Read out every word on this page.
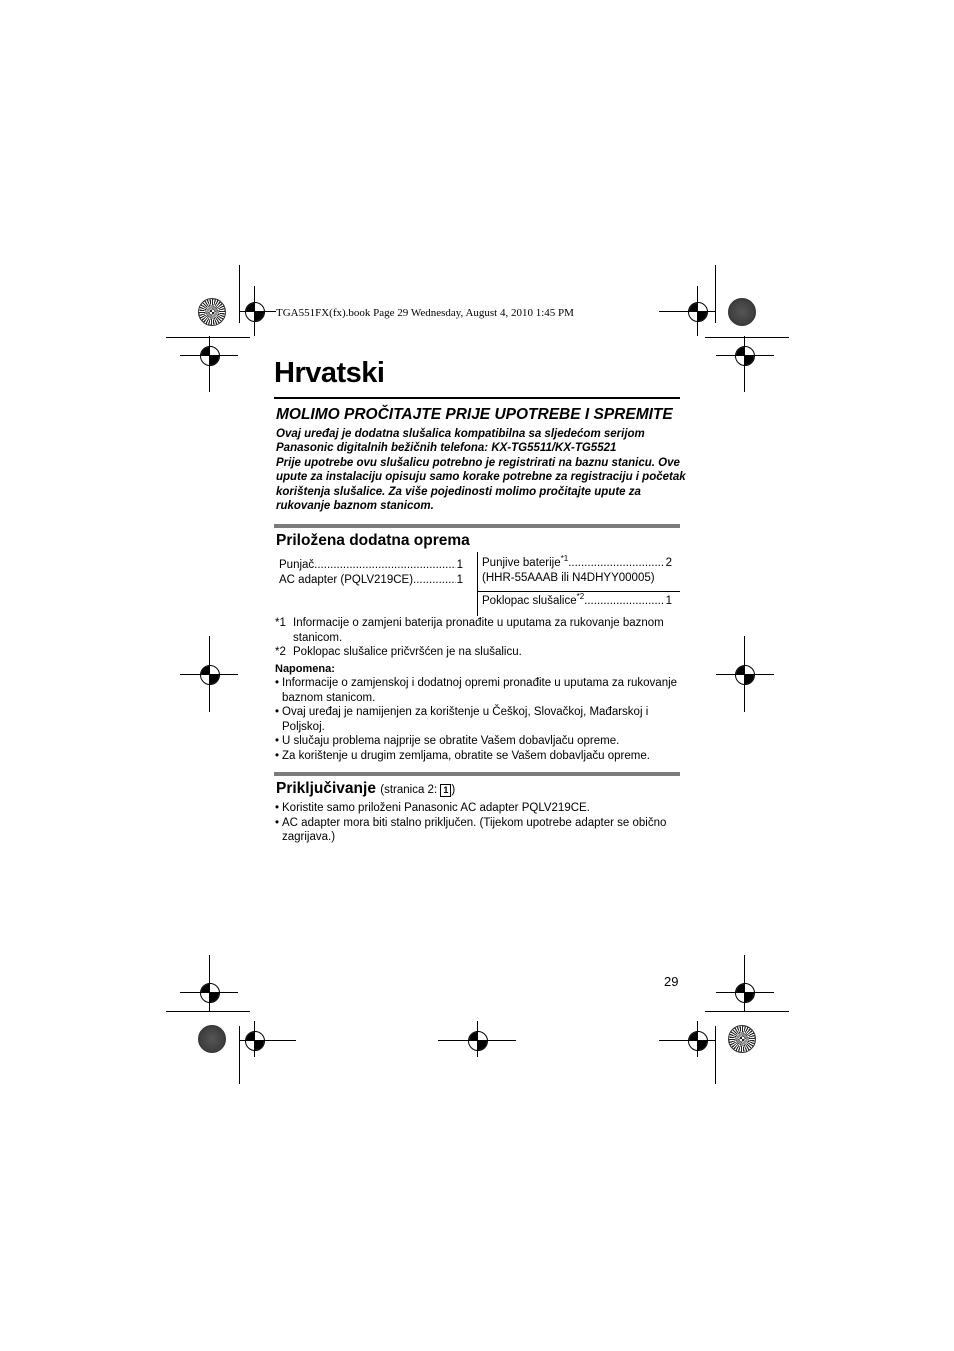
TGA551FX(fx).book Page 29 Wednesday, August 4, 2010 1:45 PM
Hrvatski
MOLIMO PROČITAJTE PRIJE UPOTREBE I SPREMITE
Ovaj uređaj je dodatna slušalica kompatibilna sa sljedećom serijom
Panasonic digitalnih bežičnih telefona: KX-TG5511/KX-TG5521
Prije upotrebe ovu slušalicu potrebno je registrirati na baznu stanicu. Ove
upute za instalaciju opisuju samo korake potrebne za registraciju i početak
korištenja slušalice. Za više pojedinosti molimo pročitajte upute za
rukovanje baznom stanicom.
Priložena dodatna oprema
Punjač .....	1
AC adapter (PQLV219CE) .....	1
Punjive baterije$^{*1}$ .....	2
(HHR-55AAAB ili N4DHYY00005)
Poklopac slušalice$^{*2}$ .....	1
*1 Informacije o zamjeni baterija pronađite u uputama za rukovanje baznom stanicom.
*2 Poklopac slušalice pričvršćen je na slušalicu.
Napomena:
• Informacije o zamjenskoj i dodatnoj opremi pronađite u uputama za rukovanje baznom stanicom.
• Ovaj uređaj je namijenjen za korištenje u Češkoj, Slovačkoj, Mađarskoj i Poljskoj.
• U slučaju problema najprije se obratite Vašem dobavljaču opreme.
• Za korištenje u drugim zemljama, obratite se Vašem dobavljaču opreme.
Priključivanje (stranica 2: 1 )
• Koristite samo priloženi Panasonic AC adapter PQLV219CE.
• AC adapter mora biti stalno priključen. (Tijekom upotrebe adapter se obično zagrijava.)
29
